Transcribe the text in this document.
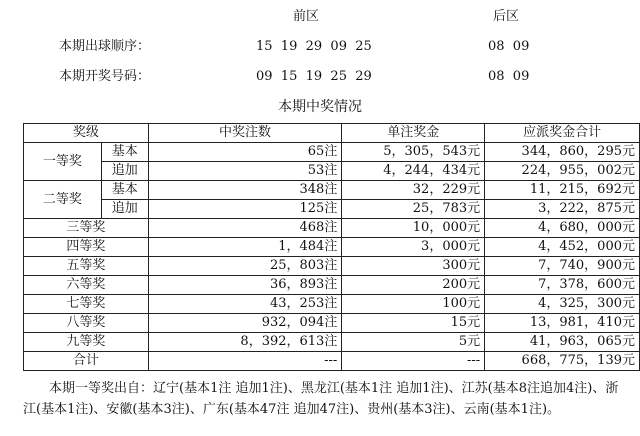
前区	后区
本期出球顺序：	15  19  29  09  25	08  09
本期开奖号码：	09  15  19  25  29	08  09
本期中奖情况
奖级		中奖注数	单注奖金	应派奖金合计
一等奖	基本	65注	5，305，543元	344，860，295元
	追加	53注	4，244，434元	224，955，002元
二等奖	基本	348注	32，229元	11，215，692元
	追加	125注	25，783元	3，222，875元
三等奖		468注	10，000元	4，680，000元
四等奖		1，484注	3，000元	4，452，000元
五等奖		25，803注	300元	7，740，900元
六等奖		36，893注	200元	7，378，600元
七等奖		43，253注	100元	4，325，300元
八等奖		932，094注	15元	13，981，410元
九等奖		8，392，613注	5元	41，963，065元
合计		---	---	668，775，139元
本期一等奖出自：辽宁(基本1注 追加1注)、黑龙江(基本1注 追加1注)、江苏(基本8注追加4注)、浙江(基本1注)、安徽(基本3注)、广东(基本47注 追加47注)、贵州(基本3注)、云南(基本1注)。
